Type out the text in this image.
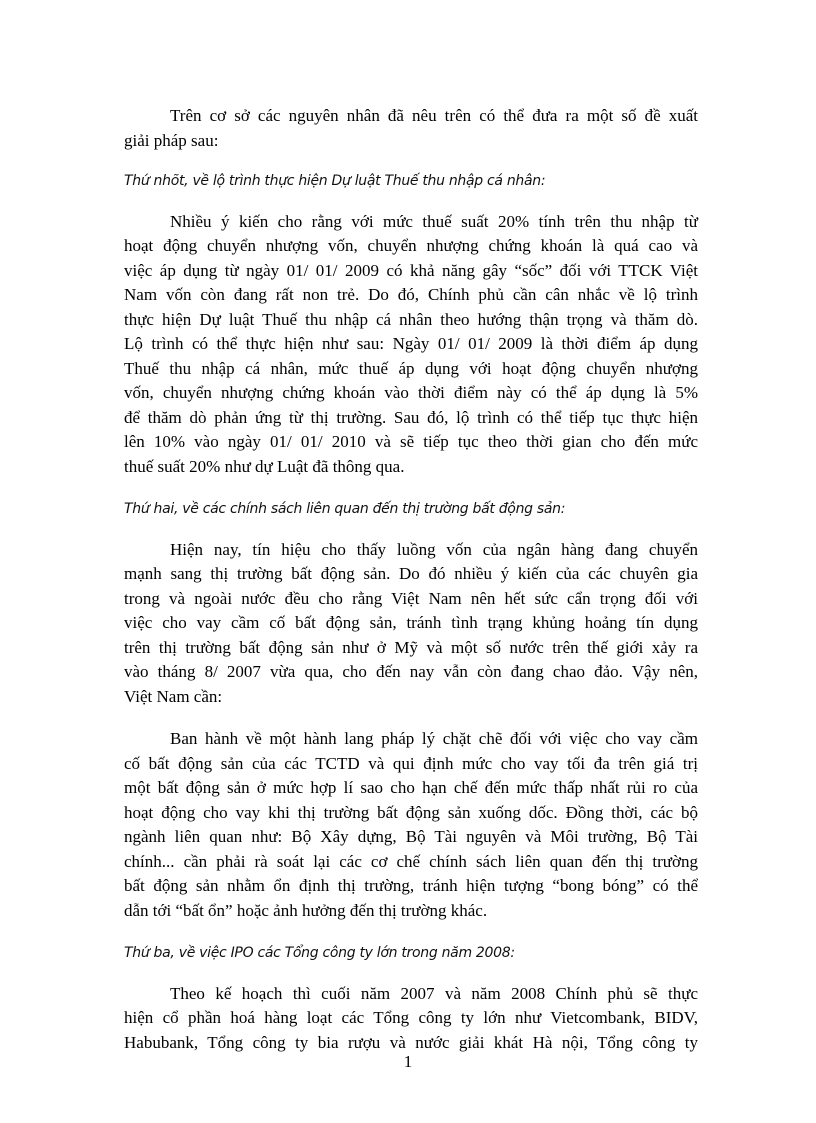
Trên cơ sở các nguyên nhân đã nêu trên có thể đưa ra một số đề xuất
giải pháp sau:
Thứ nhõt, về lộ trình thực hiện Dự luật Thuế thu nhập cá nhân:
Nhiều ý kiến cho rằng với mức thuế suất 20% tính trên thu nhập từ
hoạt động chuyển nhượng vốn, chuyển nhượng chứng khoán là quá cao và
việc áp dụng từ ngày 01/ 01/ 2009 có khả năng gây “sốc” đối với TTCK Việt
Nam vốn còn đang rất non trẻ. Do đó, Chính phủ cần cân nhắc về lộ trình
thực hiện Dự luật Thuế thu nhập cá nhân theo hướng thận trọng và thăm dò.
Lộ trình có thể thực hiện như sau: Ngày 01/ 01/ 2009 là thời điểm áp dụng
Thuế thu nhập cá nhân, mức thuế áp dụng với hoạt động chuyển nhượng
vốn, chuyển nhượng chứng khoán vào thời điểm này có thể áp dụng là 5%
để thăm dò phản ứng từ thị trường. Sau đó, lộ trình có thể tiếp tục thực hiện
lên 10% vào ngày 01/ 01/ 2010 và sẽ tiếp tục theo thời gian cho đến mức
thuế suất 20% như dự Luật đã thông qua.
Thứ hai, về các chính sách liên quan đến thị trường bất động sản:
Hiện nay, tín hiệu cho thấy luồng vốn của ngân hàng đang chuyển
mạnh sang thị trường bất động sản. Do đó nhiều ý kiến của các chuyên gia
trong và ngoài nước đều cho rằng Việt Nam nên hết sức cẩn trọng đối với
việc cho vay cầm cố bất động sản, tránh tình trạng khủng hoảng tín dụng
trên thị trường bất động sản như ở Mỹ và một số nước trên thế giới xảy ra
vào tháng 8/ 2007 vừa qua, cho đến nay vẫn còn đang chao đảo. Vậy nên,
Việt Nam cần:
Ban hành về một hành lang pháp lý chặt chẽ đối với việc cho vay cầm
cố bất động sản của các TCTD và qui định mức cho vay tối đa trên giá trị
một bất động sản ở mức hợp lí sao cho hạn chế đến mức thấp nhất rủi ro của
hoạt động cho vay khi thị trường bất động sản xuống dốc. Đồng thời, các bộ
ngành liên quan như: Bộ Xây dựng, Bộ Tài nguyên và Môi trường, Bộ Tài
chính... cần phải rà soát lại các cơ chế chính sách liên quan đến thị trường
bất động sản nhằm ổn định thị trường, tránh hiện tượng “bong bóng” có thể
dẫn tới “bất ổn” hoặc ảnh hưởng đến thị trường khác.
Thứ ba, về việc IPO các Tổng công ty lớn trong năm 2008:
Theo kế hoạch thì cuối năm 2007 và năm 2008 Chính phủ sẽ thực
hiện cổ phần hoá hàng loạt các Tổng công ty lớn như Vietcombank, BIDV,
Habubank, Tổng công ty bia rượu và nước giải khát Hà nội, Tổng công ty
1
